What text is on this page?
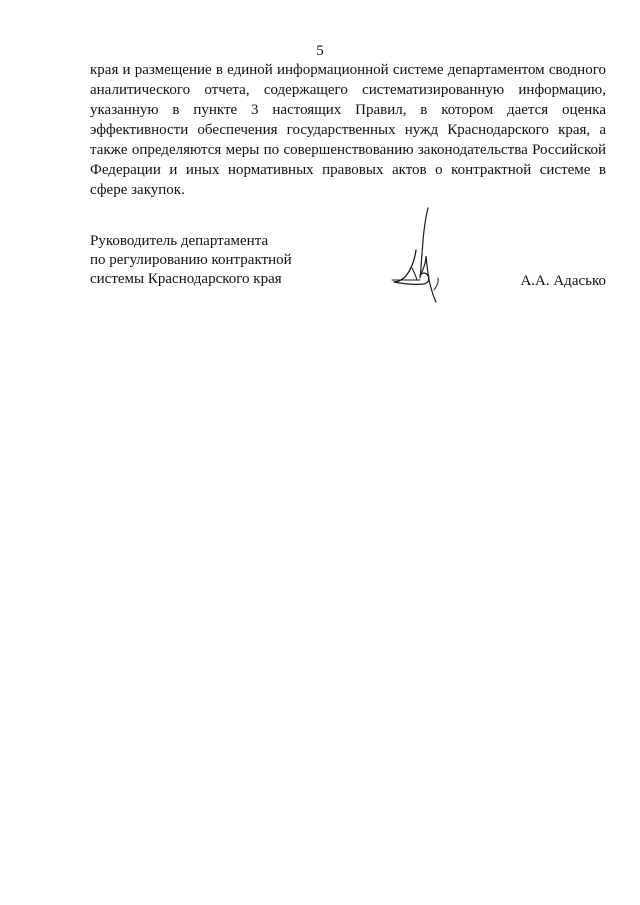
5

края и размещение в единой информационной системе департаментом сводного
аналитического отчета, содержащего систематизированную информацию,
указанную в пункте 3 настоящих Правил, в котором дается оценка
эффективности обеспечения государственных нужд Краснодарского края, а
также определяются меры по совершенствованию законодательства Российской
Федерации и иных нормативных правовых актов о контрактной системе в
сфере закупок.

Руководитель департамента
по регулированию контрактной
системы Краснодарского края	А.А. Адасько
